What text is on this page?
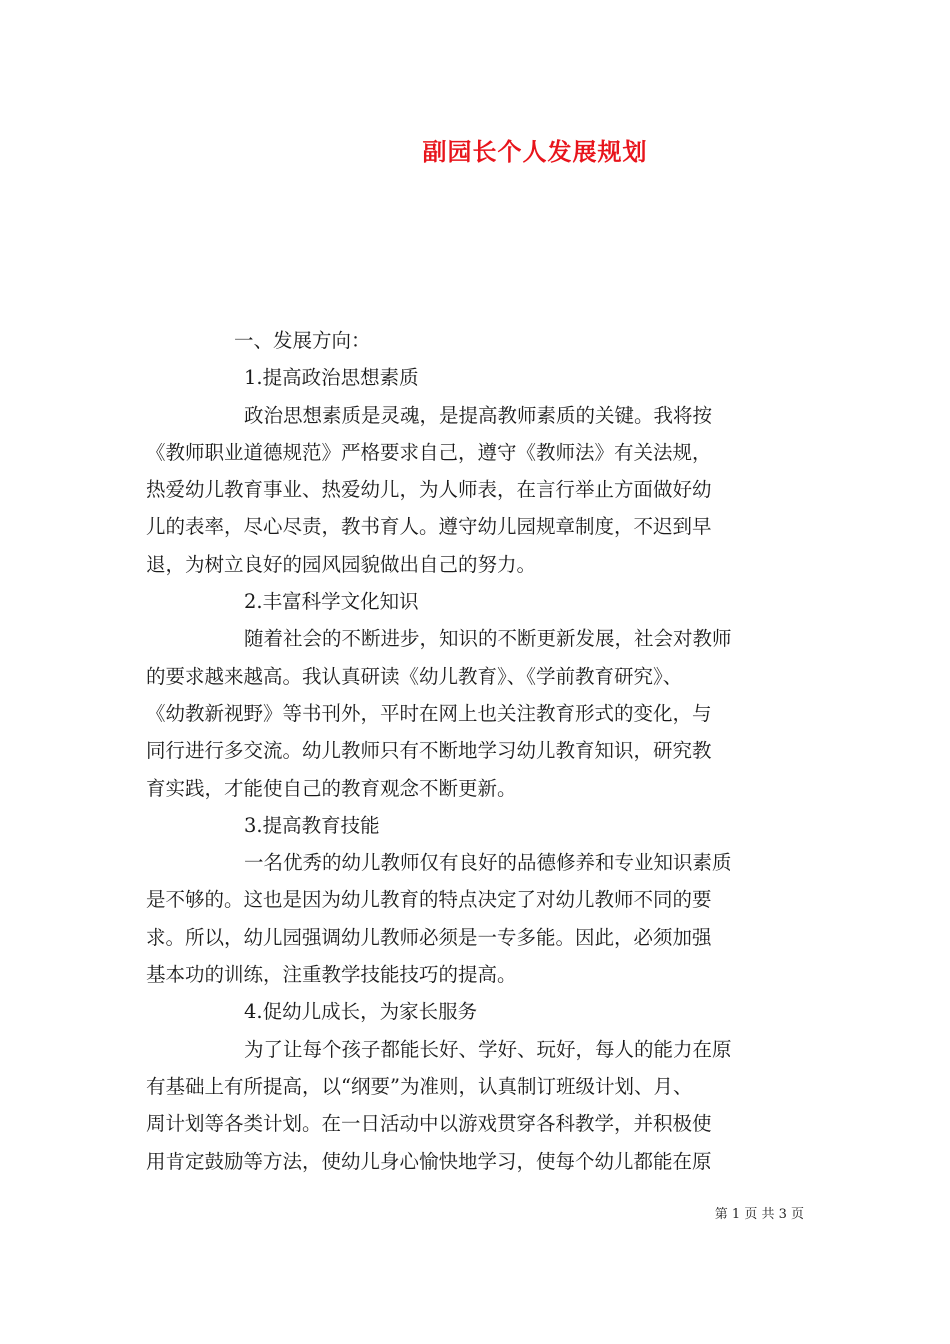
副园长个人发展规划
一、发展方向：
1.提高政治思想素质
政治思想素质是灵魂，是提高教师素质的关键。我将按
《教师职业道德规范》严格要求自己，遵守《教师法》有关法规，
热爱幼儿教育事业、热爱幼儿，为人师表，在言行举止方面做好幼
儿的表率，尽心尽责，教书育人。遵守幼儿园规章制度，不迟到早
退，为树立良好的园风园貌做出自己的努力。
2.丰富科学文化知识
随着社会的不断进步，知识的不断更新发展，社会对教师
的要求越来越高。我认真研读《幼儿教育》、《学前教育研究》、
《幼教新视野》等书刊外，平时在网上也关注教育形式的变化，与
同行进行多交流。幼儿教师只有不断地学习幼儿教育知识，研究教
育实践，才能使自己的教育观念不断更新。
3.提高教育技能
一名优秀的幼儿教师仅有良好的品德修养和专业知识素质
是不够的。这也是因为幼儿教育的特点决定了对幼儿教师不同的要
求。所以，幼儿园强调幼儿教师必须是一专多能。因此，必须加强
基本功的训练，注重教学技能技巧的提高。
4.促幼儿成长，为家长服务
为了让每个孩子都能长好、学好、玩好，每人的能力在原
有基础上有所提高，以“纲要”为准则，认真制订班级计划、月、
周计划等各类计划。在一日活动中以游戏贯穿各科教学，并积极使
用肯定鼓励等方法，使幼儿身心愉快地学习，使每个幼儿都能在原
第 1 页 共 3 页
